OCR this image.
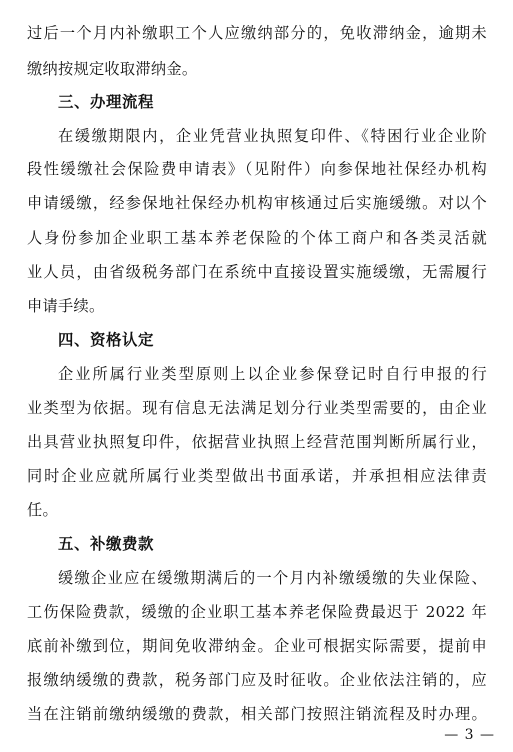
过后一个月内补缴职工个人应缴纳部分的，免收滞纳金，逾期未
缴纳按规定收取滞纳金。
三、办理流程
在缓缴期限内，企业凭营业执照复印件、《特困行业企业阶
段性缓缴社会保险费申请表》（见附件）向参保地社保经办机构
申请缓缴，经参保地社保经办机构审核通过后实施缓缴。对以个
人身份参加企业职工基本养老保险的个体工商户和各类灵活就
业人员，由省级税务部门在系统中直接设置实施缓缴，无需履行
申请手续。
四、资格认定
企业所属行业类型原则上以企业参保登记时自行申报的行
业类型为依据。现有信息无法满足划分行业类型需要的，由企业
出具营业执照复印件，依据营业执照上经营范围判断所属行业，
同时企业应就所属行业类型做出书面承诺，并承担相应法律责
任。
五、补缴费款
缓缴企业应在缓缴期满后的一个月内补缴缓缴的失业保险、
工伤保险费款，缓缴的企业职工基本养老保险费最迟于 2022 年
底前补缴到位，期间免收滞纳金。企业可根据实际需要，提前申
报缴纳缓缴的费款，税务部门应及时征收。企业依法注销的，应
当在注销前缴纳缓缴的费款，相关部门按照注销流程及时办理。
— 3 —
